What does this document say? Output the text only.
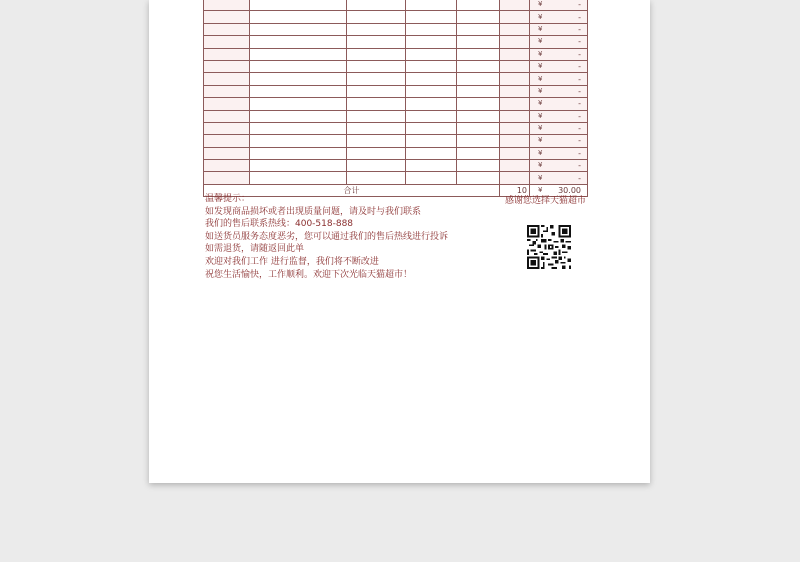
						¥	-
						¥	-
						¥	-
						¥	-
						¥	-
						¥	-
						¥	-
						¥	-
						¥	-
						¥	-
						¥	-
						¥	-
						¥	-
						¥	-
						¥	-
合计					10	¥	30.00
温馨提示：
如发现商品损坏或者出现质量问题，请及时与我们联系
我们的售后联系热线：400-518-888
如送货员服务态度恶劣，您可以通过我们的售后热线进行投诉
如需退货，请随返回此单
欢迎对我们工作 进行监督，我们将不断改进
祝您生活愉快，工作顺利。欢迎下次光临天猫超市！
感谢您选择天猫超市
